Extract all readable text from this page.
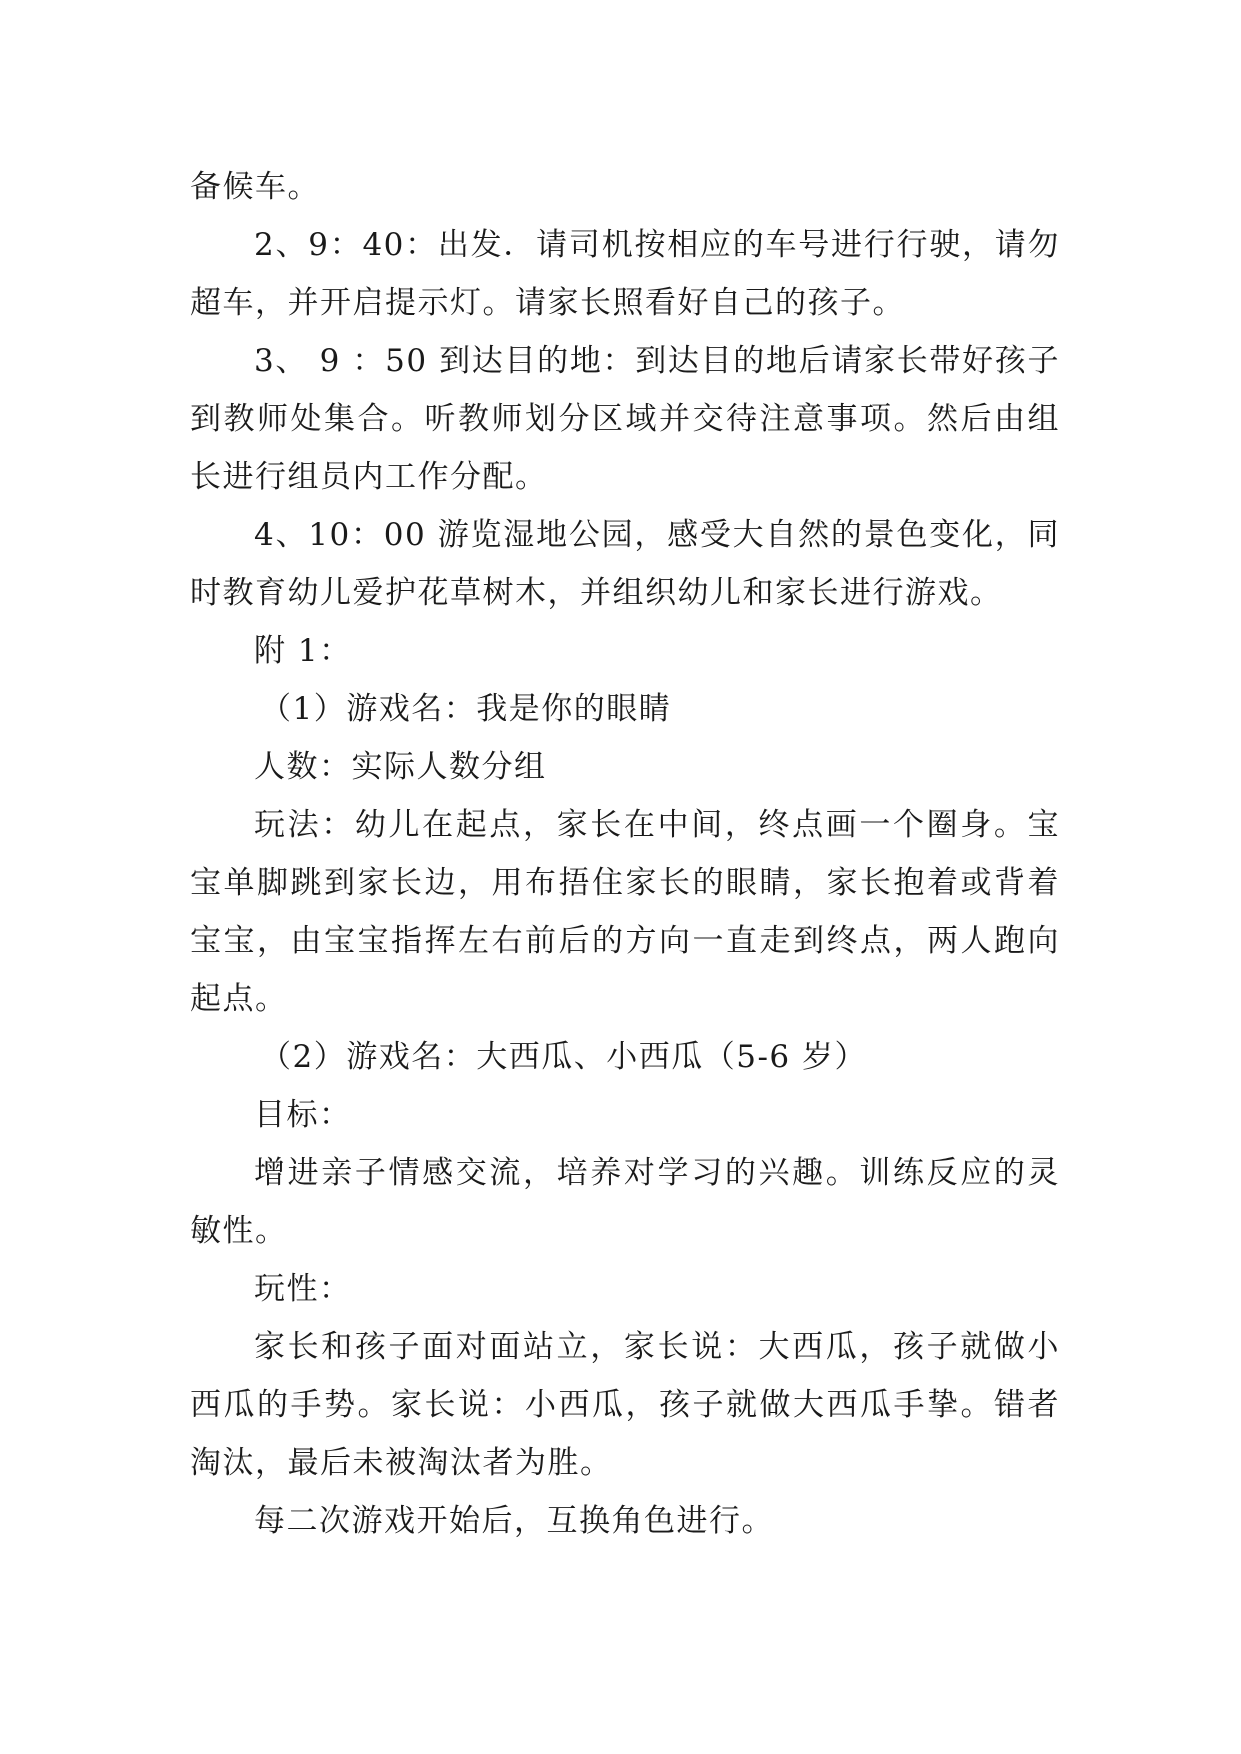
备候车。

2、9：40：出发．请司机按相应的车号进行行驶，请勿超车，并开启提示灯。请家长照看好自己的孩子。

3、 9 ：50 到达目的地：到达目的地后请家长带好孩子到教师处集合。听教师划分区域并交待注意事项。然后由组长进行组员内工作分配。

4、10：00 游览湿地公园，感受大自然的景色变化，同时教育幼儿爱护花草树木，并组织幼儿和家长进行游戏。

附 1：

（1）游戏名：我是你的眼睛

人数：实际人数分组

玩法：幼儿在起点，家长在中间，终点画一个圈身。宝宝单脚跳到家长边，用布捂住家长的眼睛，家长抱着或背着宝宝，由宝宝指挥左右前后的方向一直走到终点，两人跑向起点。

（2）游戏名：大西瓜、小西瓜（5-6 岁）

目标：

增进亲子情感交流，培养对学习的兴趣。训练反应的灵敏性。

玩性：

家长和孩子面对面站立，家长说：大西瓜，孩子就做小西瓜的手势。家长说：小西瓜，孩子就做大西瓜手挚。错者淘汰，最后未被淘汰者为胜。

每二次游戏开始后，互换角色进行。
